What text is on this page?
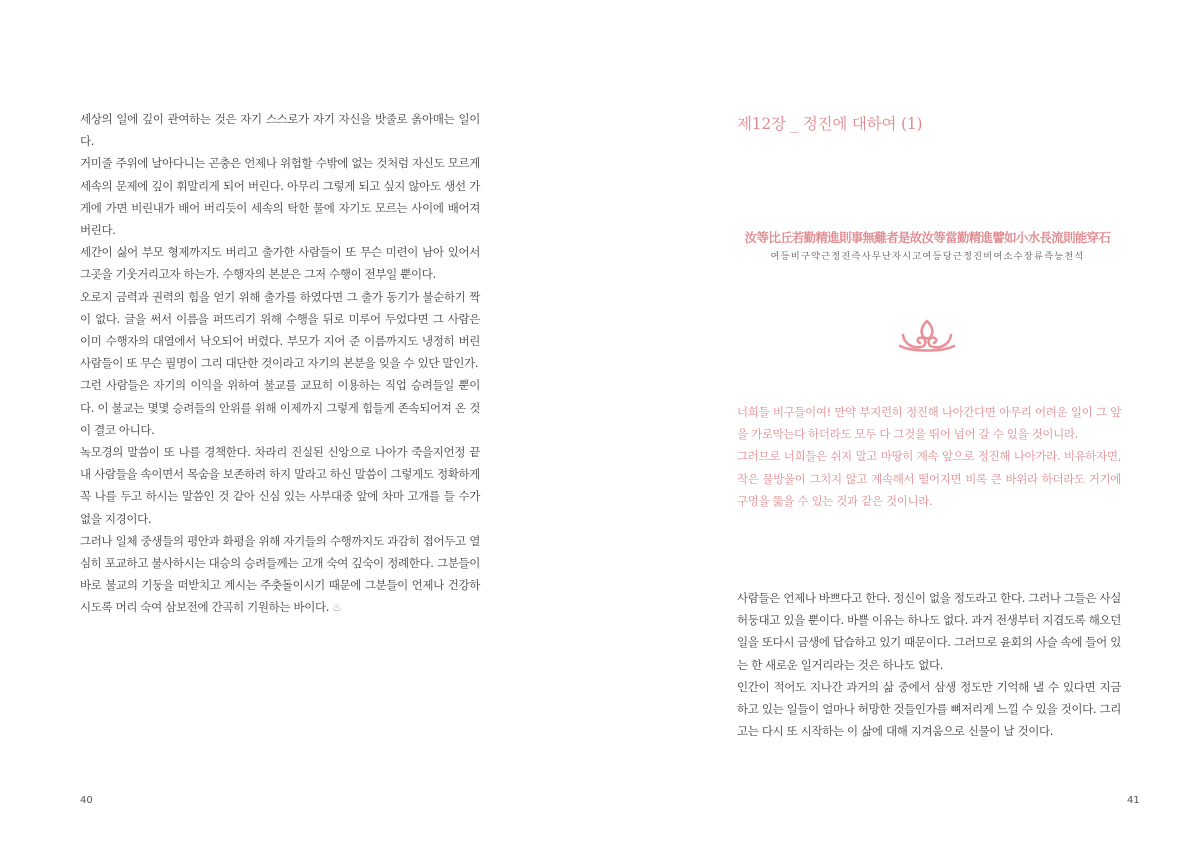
세상의 일에 깊이 관여하는 것은 자기 스스로가 자기 자신을 밧줄로 옭아매는 일이다.

거미줄 주위에 날아다니는 곤충은 언제나 위험할 수밖에 없는 것처럼 자신도 모르게 세속의 문제에 깊이 휘말리게 되어 버린다. 아무리 그렇게 되고 싶지 않아도 생선 가게에 가면 비린내가 배어 버리듯이 세속의 탁한 물에 자기도 모르는 사이에 배어져 버린다.

세간이 싫어 부모 형제까지도 버리고 출가한 사람들이 또 무슨 미련이 남아 있어서 그곳을 기웃거리고자 하는가. 수행자의 본분은 그저 수행이 전부일 뿐이다.

오로지 금력과 권력의 힘을 얻기 위해 출가를 하였다면 그 출가 동기가 불순하기 짝이 없다. 글을 써서 이름을 퍼뜨리기 위해 수행을 뒤로 미루어 두었다면 그 사람은 이미 수행자의 대열에서 낙오되어 버렸다. 부모가 지어 준 이름까지도 냉정히 버린 사람들이 또 무슨 필명이 그리 대단한 것이라고 자기의 본분을 잊을 수 있단 말인가.

그런 사람들은 자기의 이익을 위하여 불교를 교묘히 이용하는 직업 승려들일 뿐이다. 이 불교는 몇몇 승려들의 안위를 위해 이제까지 그렇게 힘들게 존속되어져 온 것이 결코 아니다.

녹모경의 말씀이 또 나를 경책한다. 차라리 진실된 신앙으로 나아가 죽을지언정 끝내 사람들을 속이면서 목숨을 보존하려 하지 말라고 하신 말씀이 그렇게도 정확하게 꼭 나를 두고 하시는 말씀인 것 같아 신심 있는 사부대중 앞에 차마 고개를 들 수가 없을 지경이다.

그러나 일체 중생들의 평안과 화평을 위해 자기들의 수행까지도 과감히 접어두고 열심히 포교하고 불사하시는 대승의 승려들께는 고개 숙여 깊숙이 정례한다. 그분들이 바로 불교의 기둥을 떠받치고 계시는 주춧돌이시기 때문에 그분들이 언제나 건강하시도록 머리 숙여 삼보전에 간곡히 기원하는 바이다. ♨

40
제12장 _ 정진에 대하여 (1)
汝等比丘若勤精進則事無難者是故汝等當勤精進譬如小水長流則能穿石
여등비구약근정진즉사무난자시고여등당근정진비여소수장류즉능천석

너희들 비구들이여! 만약 부지런히 정진해 나아간다면 아무리 어려운 일이 그 앞을 가로막는다 하더라도 모두 다 그것을 뛰어 넘어 갈 수 있을 것이니라.

그러므로 너희들은 쉬지 말고 마땅히 계속 앞으로 정진해 나아가라. 비유하자면, 작은 물방울이 그치지 않고 계속해서 떨어지면 비록 큰 바위라 하더라도 거기에 구멍을 뚫을 수 있는 것과 같은 것이니라.

사람들은 언제나 바쁘다고 한다. 정신이 없을 정도라고 한다. 그러나 그들은 사실 허둥대고 있을 뿐이다. 바쁠 이유는 하나도 없다. 과거 전생부터 지겹도록 해오던 일을 또다시 금생에 답습하고 있기 때문이다. 그러므로 윤회의 사슬 속에 들어 있는 한 새로운 일거리라는 것은 하나도 없다.

인간이 적어도 지나간 과거의 삶 중에서 삼생 정도만 기억해 낼 수 있다면 지금 하고 있는 일들이 얼마나 허망한 것들인가를 뼈저리게 느낄 수 있을 것이다. 그리고는 다시 또 시작하는 이 삶에 대해 지겨움으로 신물이 날 것이다.

41
